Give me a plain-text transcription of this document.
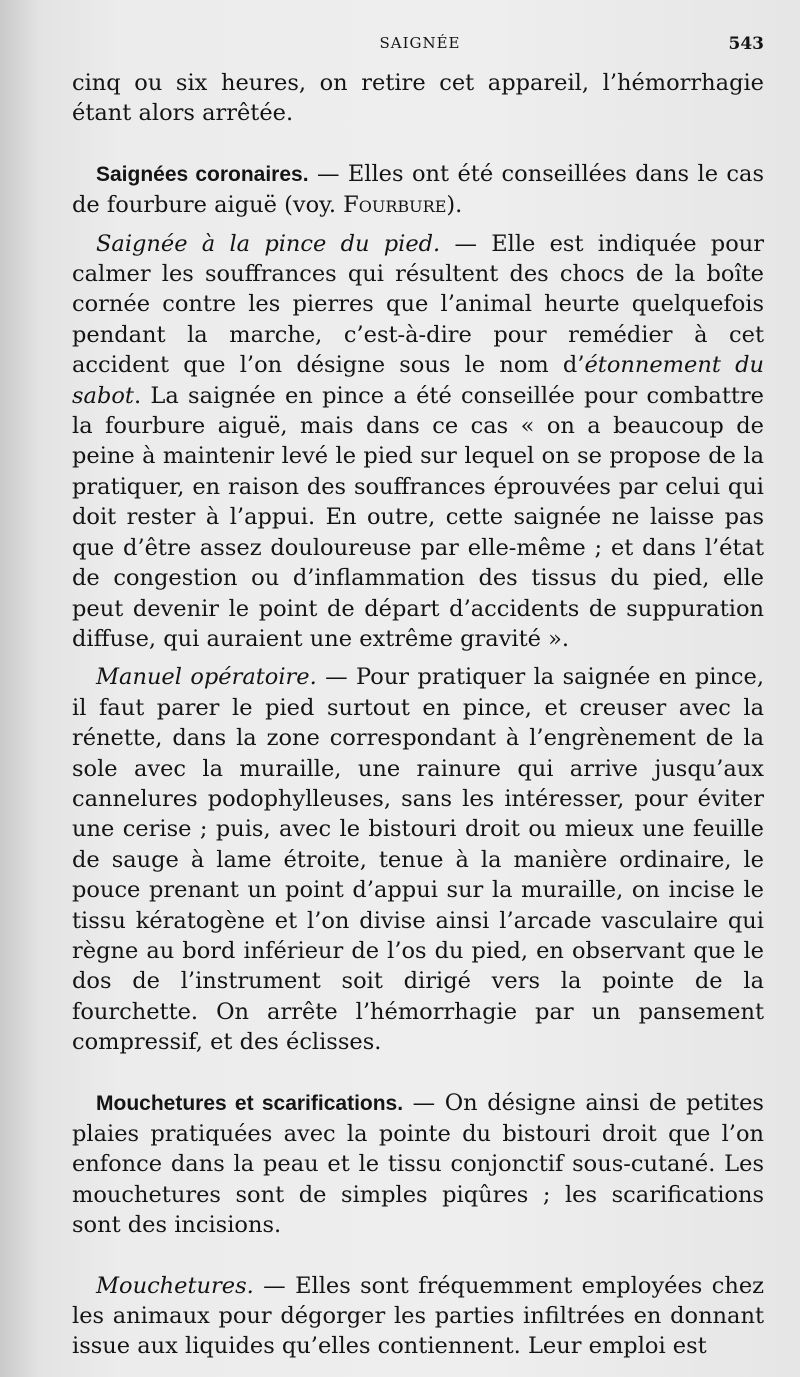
SAIGNÉE	543

cinq ou six heures, on retire cet appareil, l’hémorrhagie étant alors arrêtée.

Saignées coronaires. — Elles ont été conseillées dans le cas de fourbure aiguë (voy. Fourbure).

Saignée à la pince du pied. — Elle est indiquée pour calmer les souffrances qui résultent des chocs de la boîte cornée contre les pierres que l’animal heurte quelquefois pendant la marche, c’est-à-dire pour remédier à cet accident que l’on désigne sous le nom d’étonnement du sabot. La saignée en pince a été conseillée pour combattre la fourbure aiguë, mais dans ce cas « on a beaucoup de peine à maintenir levé le pied sur lequel on se propose de la pratiquer, en raison des souffrances éprouvées par celui qui doit rester à l’appui. En outre, cette saignée ne laisse pas que d’être assez douloureuse par elle-même ; et dans l’état de congestion ou d’inflammation des tissus du pied, elle peut devenir le point de départ d’accidents de suppuration diffuse, qui auraient une extrême gravité ».

Manuel opératoire. — Pour pratiquer la saignée en pince, il faut parer le pied surtout en pince, et creuser avec la rénette, dans la zone correspondant à l’engrènement de la sole avec la muraille, une rainure qui arrive jusqu’aux cannelures podophylleuses, sans les intéresser, pour éviter une cerise ; puis, avec le bistouri droit ou mieux une feuille de sauge à lame étroite, tenue à la manière ordinaire, le pouce prenant un point d’appui sur la muraille, on incise le tissu kératogène et l’on divise ainsi l’arcade vasculaire qui règne au bord inférieur de l’os du pied, en observant que le dos de l’instrument soit dirigé vers la pointe de la fourchette. On arrête l’hémorrhagie par un pansement compressif, et des éclisses.

Mouchetures et scarifications. — On désigne ainsi de petites plaies pratiquées avec la pointe du bistouri droit que l’on enfonce dans la peau et le tissu conjonctif sous-cutané. Les mouchetures sont de simples piqûres ; les scarifications sont des incisions.

Mouchetures. — Elles sont fréquemment employées chez les animaux pour dégorger les parties infiltrées en donnant issue aux liquides qu’elles contiennent. Leur emploi est
